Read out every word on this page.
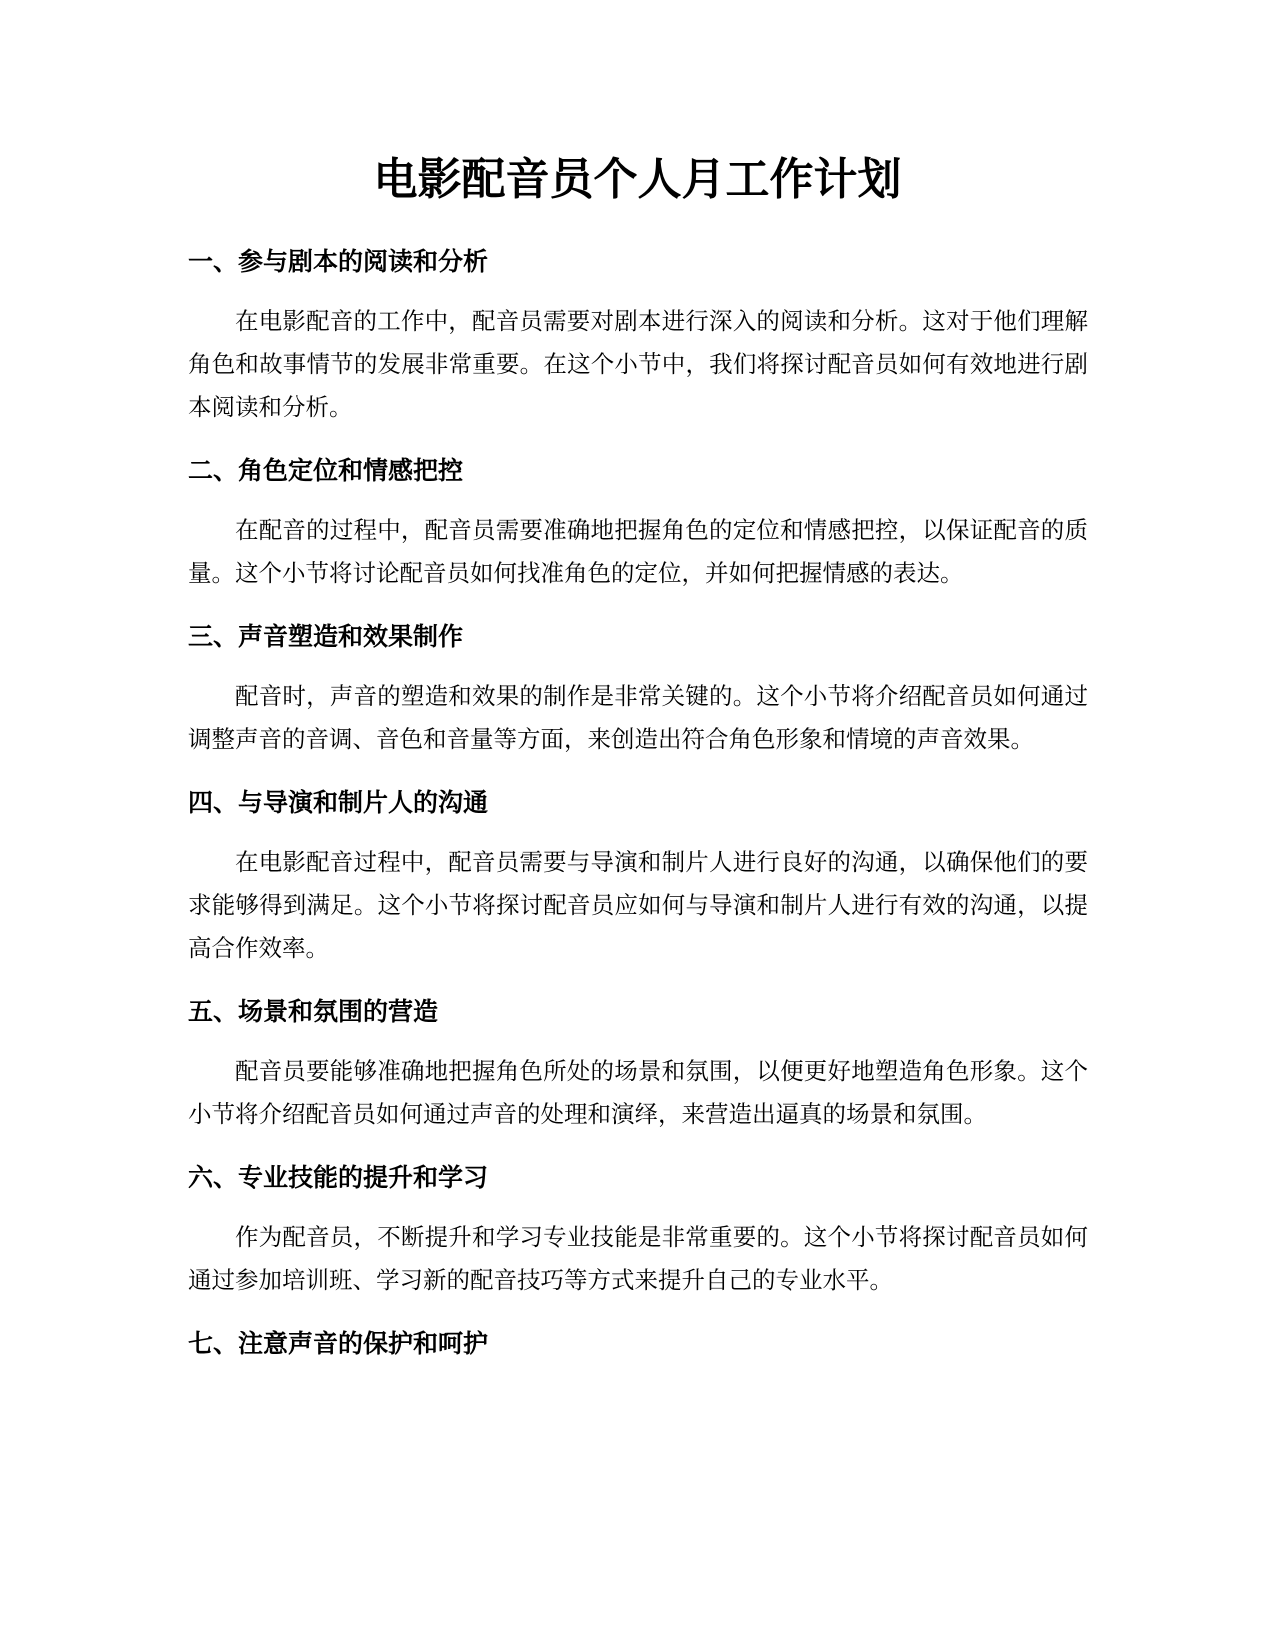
电影配音员个人月工作计划
一、参与剧本的阅读和分析

在电影配音的工作中，配音员需要对剧本进行深入的阅读和分析。这对于他们理解角色和故事情节的发展非常重要。在这个小节中，我们将探讨配音员如何有效地进行剧本阅读和分析。

二、角色定位和情感把控

在配音的过程中，配音员需要准确地把握角色的定位和情感把控，以保证配音的质量。这个小节将讨论配音员如何找准角色的定位，并如何把握情感的表达。

三、声音塑造和效果制作

配音时，声音的塑造和效果的制作是非常关键的。这个小节将介绍配音员如何通过调整声音的音调、音色和音量等方面，来创造出符合角色形象和情境的声音效果。

四、与导演和制片人的沟通

在电影配音过程中，配音员需要与导演和制片人进行良好的沟通，以确保他们的要求能够得到满足。这个小节将探讨配音员应如何与导演和制片人进行有效的沟通，以提高合作效率。

五、场景和氛围的营造

配音员要能够准确地把握角色所处的场景和氛围，以便更好地塑造角色形象。这个小节将介绍配音员如何通过声音的处理和演绎，来营造出逼真的场景和氛围。

六、专业技能的提升和学习

作为配音员，不断提升和学习专业技能是非常重要的。这个小节将探讨配音员如何通过参加培训班、学习新的配音技巧等方式来提升自己的专业水平。

七、注意声音的保护和呵护
